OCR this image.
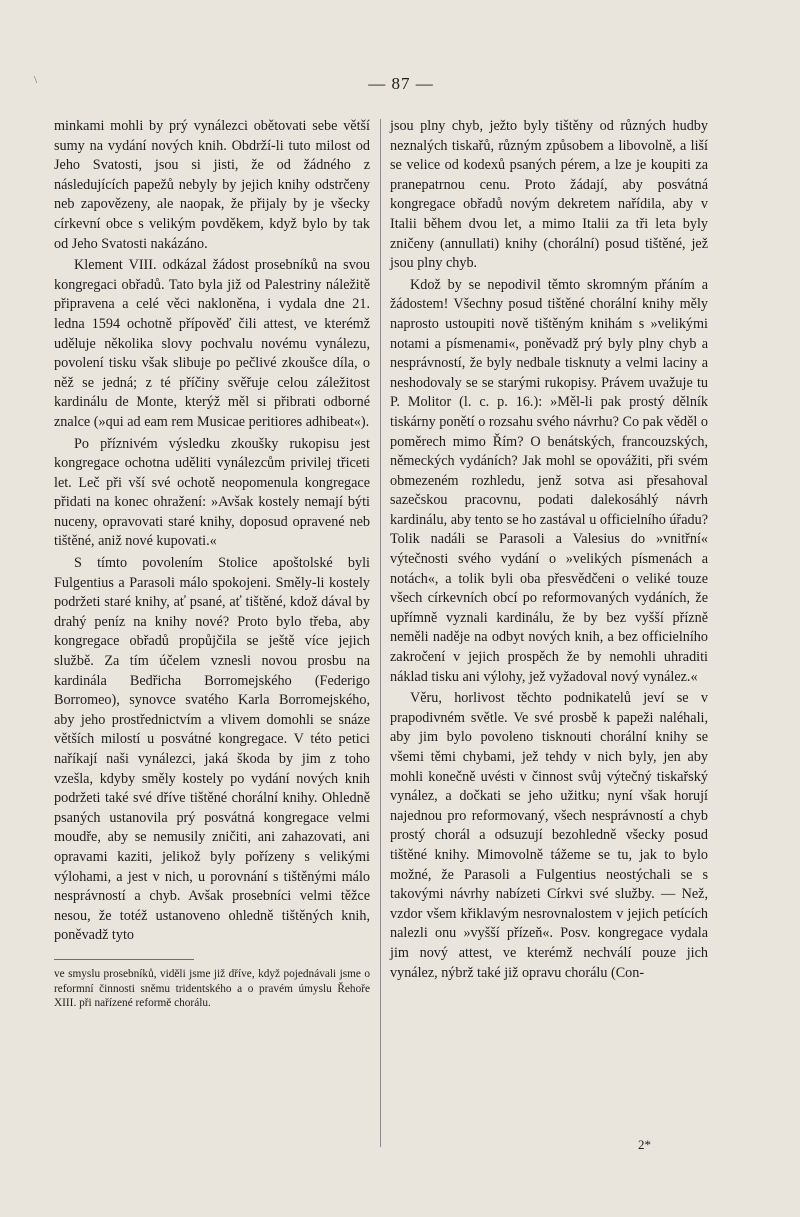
\	— 87 —

minkami mohli by prý vynálezci obětovati sebe větší sumy na vydání nových knih. Obdrží-li tuto milost od Jeho Svatosti, jsou si jisti, že od žádného z následujících papežů nebyly by jejich knihy odstrčeny neb zapovězeny, ale naopak, že přijaly by je všecky církevní obce s velikým povděkem, když bylo by tak od Jeho Svatosti nakázáno.

Klement VIII. odkázal žádost prosebníků na svou kongregaci obřadů. Tato byla již od Palestriny náležitě připravena a celé věci nakloněna, i vydala dne 21. ledna 1594 ochotně přípověď čili attest, ve kterémž uděluje několika slovy pochvalu novému vynálezu, povolení tisku však slibuje po pečlivé zkoušce díla, o něž se jedná; z té příčiny svěřuje celou záležitost kardinálu de Monte, kterýž měl si přibrati odborné znalce (»qui ad eam rem Musicae peritiores adhibeat«).

Po příznivém výsledku zkoušky rukopisu jest kongregace ochotna uděliti vynálezcům privilej třiceti let. Leč při vší své ochotě neopomenula kongregace přidati na konec ohražení: »Avšak kostely nemají býti nuceny, opravovati staré knihy, doposud opravené neb tištěné, aniž nové kupovati.«

S tímto povolením Stolice apoštolské byli Fulgentius a Parasoli málo spokojeni. Směly-li kostely podržeti staré knihy, ať psané, ať tištěné, kdož dával by drahý peníz na knihy nové? Proto bylo třeba, aby kongregace obřadů propůjčila se ještě více jejich službě. Za tím účelem vznesli novou prosbu na kardinála Bedřicha Borromejského (Federigo Borromeo), synovce svatého Karla Borromejského, aby jeho prostřednictvím a vlivem domohli se snáze větších milostí u posvátné kongregace. V této petici naříkají naši vynálezci, jaká škoda by jim z toho vzešla, kdyby směly kostely po vydání nových knih podržeti také své dříve tištěné chorální knihy. Ohledně psaných ustanovila prý posvátná kongregace velmi moudře, aby se nemusily zničiti, ani zahazovati, ani opravami kaziti, jelikož byly pořízeny s velikými výlohami, a jest v nich, u porovnání s tištěnými málo nesprávností a chyb. Avšak prosebníci velmi těžce nesou, že totéž ustanoveno ohledně tištěných knih, poněvadž tyto

ve smyslu prosebníků, viděli jsme již dříve, když pojednávali jsme o reformní činnosti sněmu tridentského a o pravém úmyslu Řehoře XIII. při nařízené reformě chorálu.

jsou plny chyb, ježto byly tištěny od různých hudby neznalých tiskařů, různým způsobem a libovolně, a liší se velice od kodexů psaných pérem, a lze je koupiti za pranepatrnou cenu. Proto žádají, aby posvátná kongregace obřadů novým dekretem nařídila, aby v Italii během dvou let, a mimo Italii za tři leta byly zničeny (annullati) knihy (chorální) posud tištěné, jež jsou plny chyb.

Kdož by se nepodivil těmto skromným přáním a žádostem! Všechny posud tištěné chorální knihy měly naprosto ustoupiti nově tištěným knihám s »velikými notami a písmenami«, poněvadž prý byly plny chyb a nesprávností, že byly nedbale tisknuty a velmi laciny a neshodovaly se se starými rukopisy. Právem uvažuje tu P. Molitor (l. c. p. 16.): »Měl-li pak prostý dělník tiskárny ponětí o rozsahu svého návrhu? Co pak věděl o poměrech mimo Řím? O benátských, francouzských, německých vydáních? Jak mohl se opovážiti, při svém obmezeném rozhledu, jenž sotva asi přesahoval sazečskou pracovnu, podati dalekosáhlý návrh kardinálu, aby tento se ho zastával u officielního úřadu? Tolik nadáli se Parasoli a Valesius do »vnitřní« výtečnosti svého vydání o »velikých písmenách a notách«, a tolik byli oba přesvědčeni o veliké touze všech církevních obcí po reformovaných vydáních, že upřímně vyznali kardinálu, že by bez vyšší přízně neměli naděje na odbyt nových knih, a bez officielního zakročení v jejich prospěch že by nemohli uhraditi náklad tisku ani výlohy, jež vyžadoval nový vynález.«

Věru, horlivost těchto podnikatelů jeví se v prapodivném světle. Ve své prosbě k papeži naléhali, aby jim bylo povoleno tisknouti chorální knihy se všemi těmi chybami, jež tehdy v nich byly, jen aby mohli konečně uvésti v činnost svůj výtečný tiskařský vynález, a dočkati se jeho užitku; nyní však horují najednou pro reformovaný, všech nesprávností a chyb prostý chorál a odsuzují bezohledně všecky posud tištěné knihy. Mimovolně tážeme se tu, jak to bylo možné, že Parasoli a Fulgentius neostýchali se s takovými návrhy nabízeti Církvi své služby. — Než, vzdor všem křiklavým nesrovnalostem v jejich petících nalezli onu »vyšší přízeň«. Posv. kongregace vydala jim nový attest, ve kterémž nechválí pouze jich vynález, nýbrž také již opravu chorálu (Con-

2*
